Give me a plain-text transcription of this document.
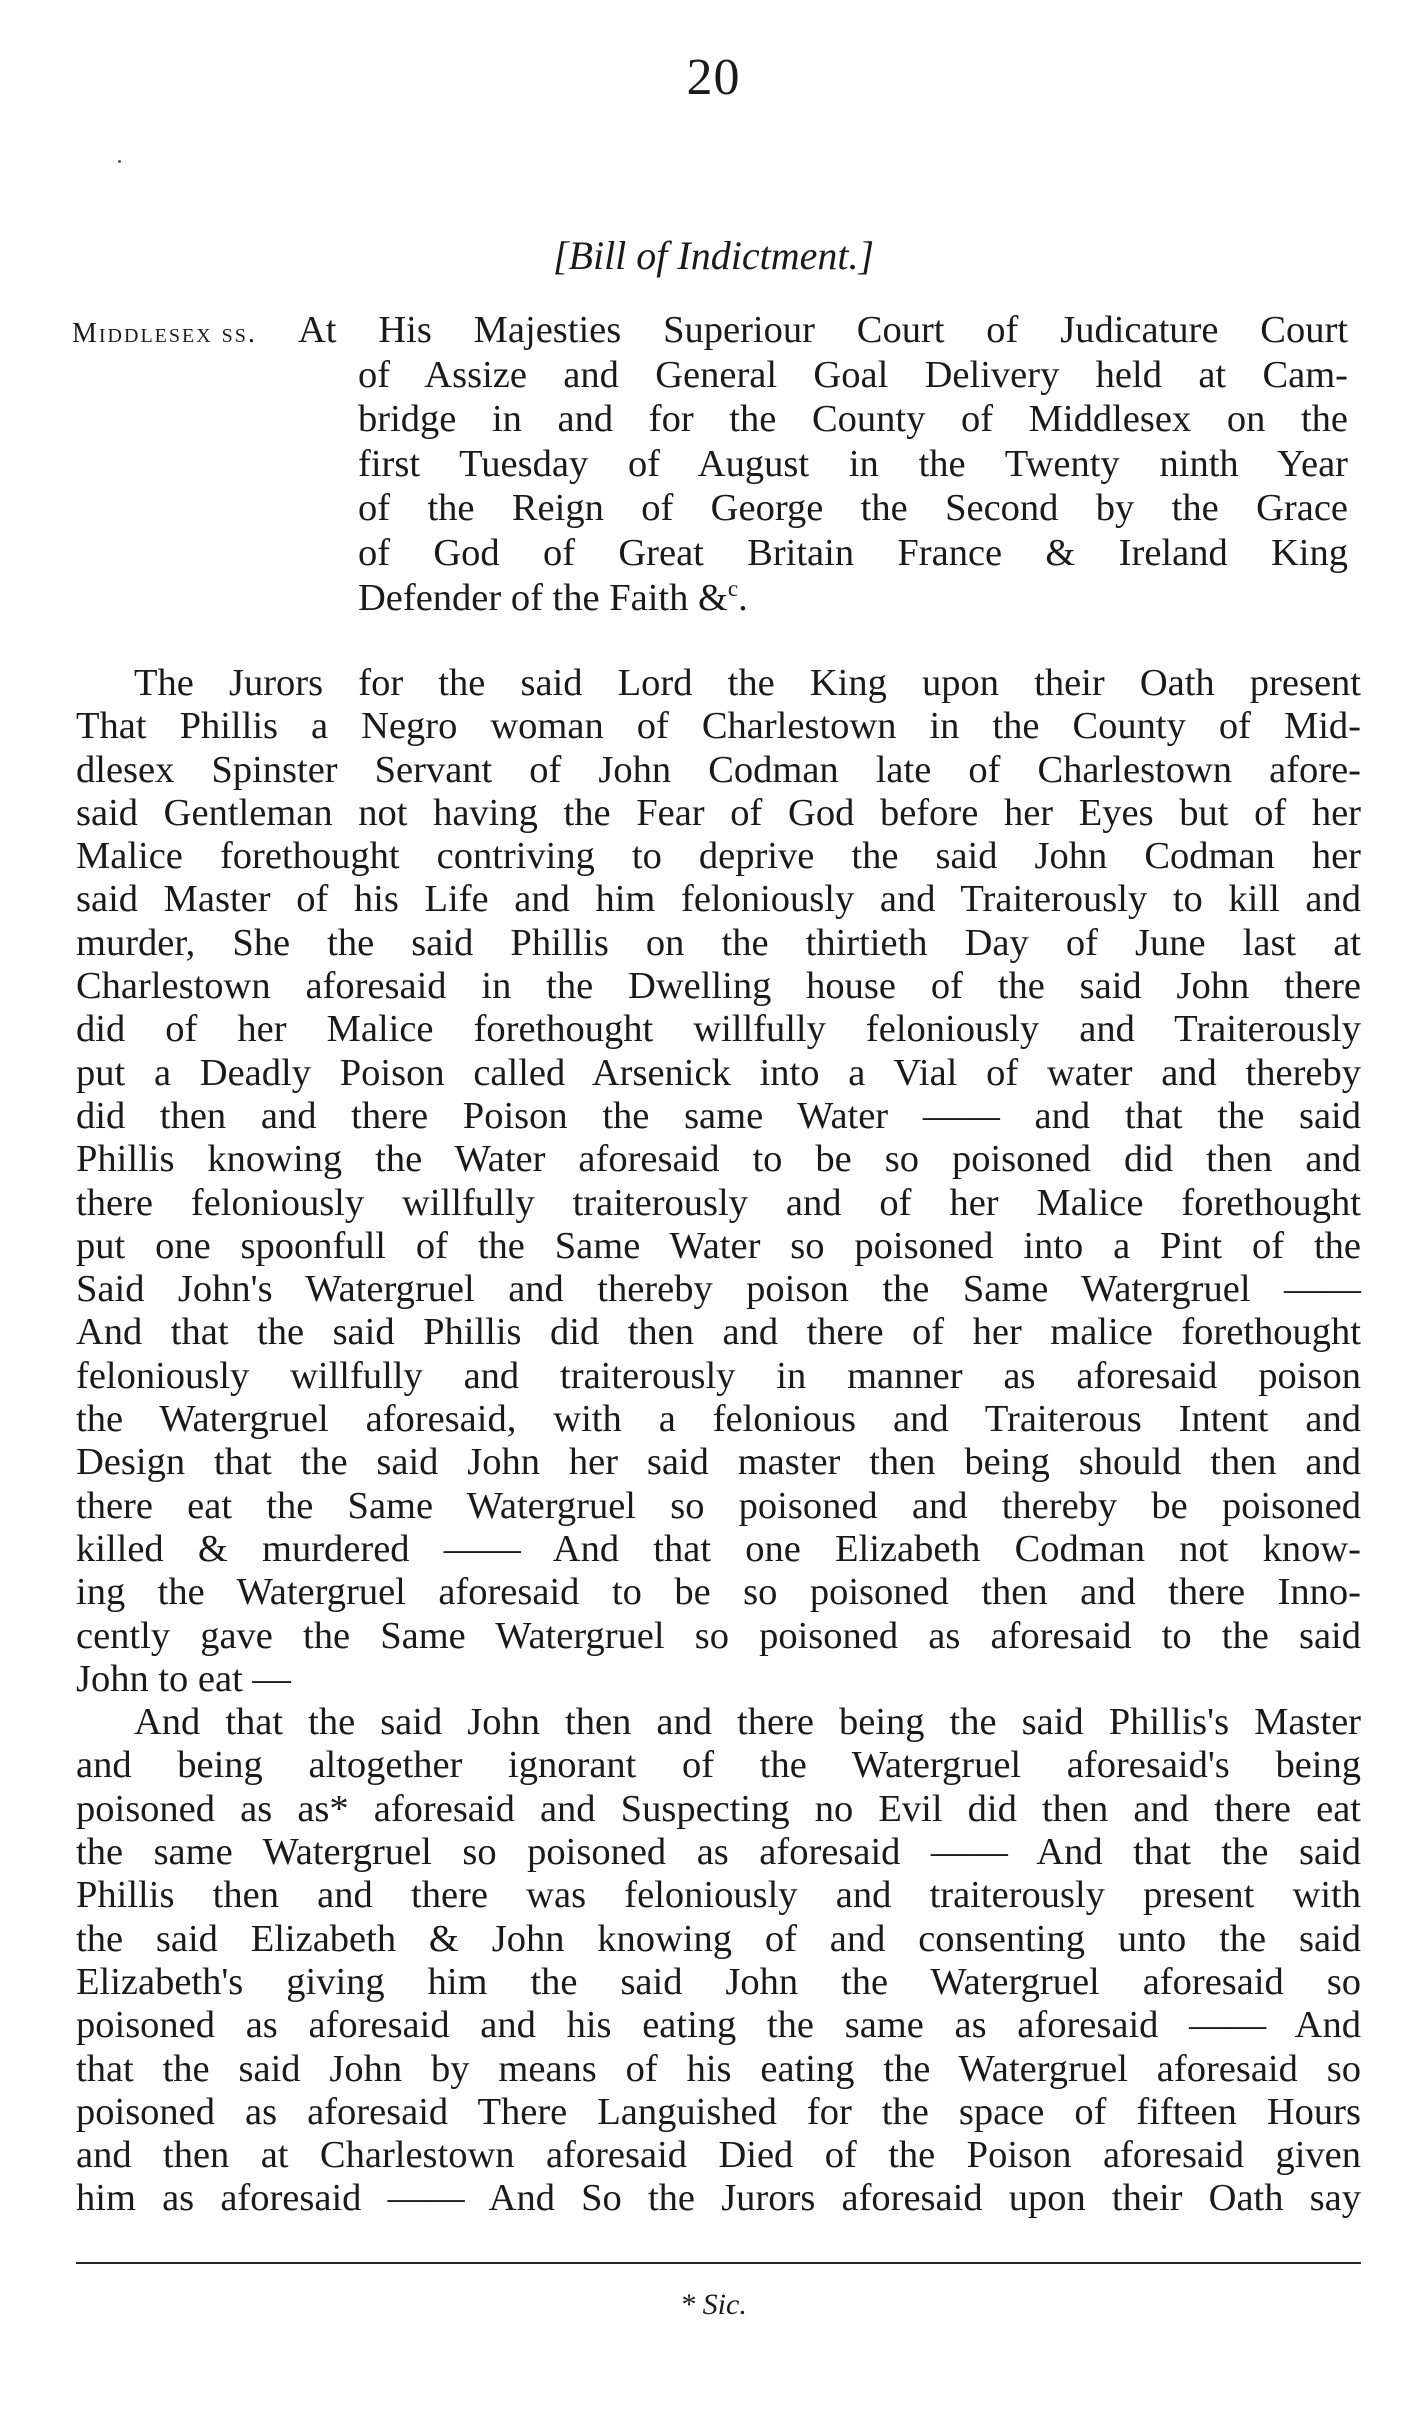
20
[Bill of Indictment.]
Middlesex ss. At His Majesties Superiour Court of Judicature Court
of Assize and General Goal Delivery held at Cam-
bridge in and for the County of Middlesex on the
first Tuesday of August in the Twenty ninth Year
of the Reign of George the Second by the Grace
of God of Great Britain France & Ireland King
Defender of the Faith &$^c$.
The Jurors for the said Lord the King upon their Oath present
That Phillis a Negro woman of Charlestown in the County of Mid-
dlesex Spinster Servant of John Codman late of Charlestown afore-
said Gentleman not having the Fear of God before her Eyes but of her
Malice forethought contriving to deprive the said John Codman her
said Master of his Life and him feloniously and Traiterously to kill and
murder, She the said Phillis on the thirtieth Day of June last at
Charlestown aforesaid in the Dwelling house of the said John there
did of her Malice forethought willfully feloniously and Traiterously
put a Deadly Poison called Arsenick into a Vial of water and thereby
did then and there Poison the same Water —— and that the said
Phillis knowing the Water aforesaid to be so poisoned did then and
there feloniously willfully traiterously and of her Malice forethought
put one spoonfull of the Same Water so poisoned into a Pint of the
Said John's Watergruel and thereby poison the Same Watergruel ——
And that the said Phillis did then and there of her malice forethought
feloniously willfully and traiterously in manner as aforesaid poison
the Watergruel aforesaid, with a felonious and Traiterous Intent and
Design that the said John her said master then being should then and
there eat the Same Watergruel so poisoned and thereby be poisoned
killed & murdered —— And that one Elizabeth Codman not know-
ing the Watergruel aforesaid to be so poisoned then and there Inno-
cently gave the Same Watergruel so poisoned as aforesaid to the said
John to eat —
And that the said John then and there being the said Phillis's Master
and being altogether ignorant of the Watergruel aforesaid's being
poisoned as as* aforesaid and Suspecting no Evil did then and there eat
the same Watergruel so poisoned as aforesaid —— And that the said
Phillis then and there was feloniously and traiterously present with
the said Elizabeth & John knowing of and consenting unto the said
Elizabeth's giving him the said John the Watergruel aforesaid so
poisoned as aforesaid and his eating the same as aforesaid —— And
that the said John by means of his eating the Watergruel aforesaid so
poisoned as aforesaid There Languished for the space of fifteen Hours
and then at Charlestown aforesaid Died of the Poison aforesaid given
him as aforesaid —— And So the Jurors aforesaid upon their Oath say
* Sic.
